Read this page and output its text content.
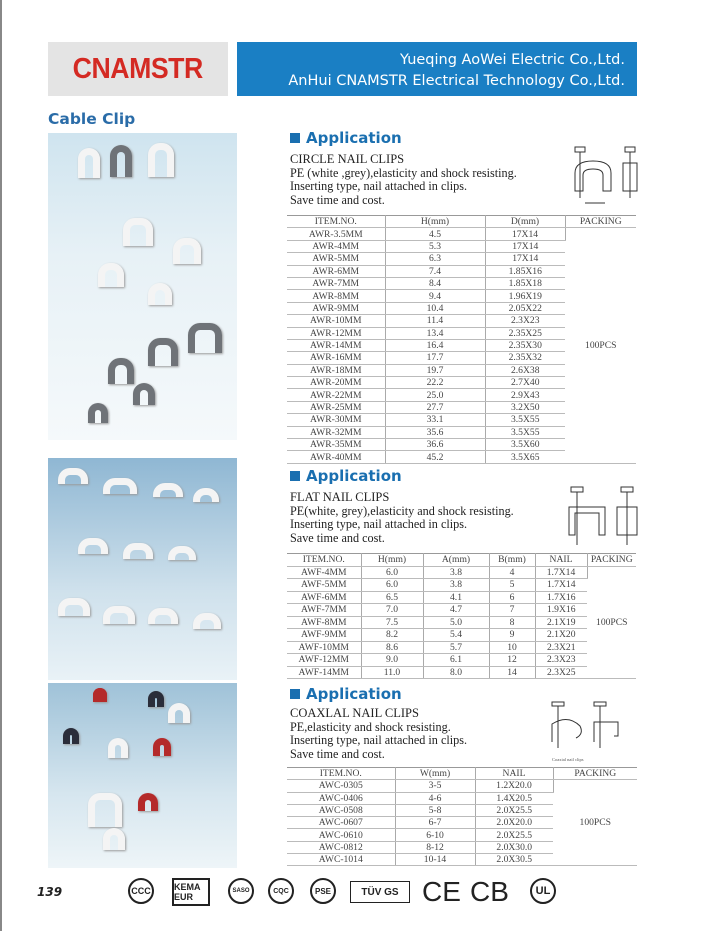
CNAMSTR	Yueqing AoWei Electric Co.,Ltd.
AnHui CNAMSTR Electrical Technology Co.,Ltd.
Cable Clip
Application
CIRCLE NAIL CLIPS
PE (white ,grey),elasticity and shock resisting.
Inserting type, nail attached in clips.
Save time and cost.
ITEM.NO.	H(mm)	D(mm)	PACKING
AWR-3.5MM	4.5	17X14	100PCS
AWR-4MM	5.3	17X14	
AWR-5MM	6.3	17X14	
AWR-6MM	7.4	1.85X16	
AWR-7MM	8.4	1.85X18	
AWR-8MM	9.4	1.96X19	
AWR-9MM	10.4	2.05X22	
AWR-10MM	11.4	2.3X23	
AWR-12MM	13.4	2.35X25	
AWR-14MM	16.4	2.35X30	
AWR-16MM	17.7	2.35X32	
AWR-18MM	19.7	2.6X38	
AWR-20MM	22.2	2.7X40	
AWR-22MM	25.0	2.9X43	
AWR-25MM	27.7	3.2X50	
AWR-30MM	33.1	3.5X55	
AWR-32MM	35.6	3.5X55	
AWR-35MM	36.6	3.5X60	
AWR-40MM	45.2	3.5X65	
Application
FLAT NAIL CLIPS
PE(white, grey),elasticity and shock resisting.
Inserting type, nail attached in clips.
Save time and cost.
ITEM.NO.	H(mm)	A(mm)	B(mm)	NAIL	PACKING
AWF-4MM	6.0	3.8	4	1.7X14	100PCS
AWF-5MM	6.0	3.8	5	1.7X14	
AWF-6MM	6.5	4.1	6	1.7X16	
AWF-7MM	7.0	4.7	7	1.9X16	
AWF-8MM	7.5	5.0	8	2.1X19	
AWF-9MM	8.2	5.4	9	2.1X20	
AWF-10MM	8.6	5.7	10	2.3X21	
AWF-12MM	9.0	6.1	12	2.3X23	
AWF-14MM	11.0	8.0	14	2.3X25	
Application
COAXLAL NAIL CLIPS
PE,elasticity and shock resisting.
Inserting type, nail attached in clips.
Save time and cost.	Coaxial nail clips
ITEM.NO.	W(mm)	NAIL	PACKING
AWC-0305	3-5	1.2X20.0	100PCS
AWC-0406	4-6	1.4X20.5	
AWC-0508	5-8	2.0X25.5	
AWC-0607	6-7	2.0X20.0	
AWC-0610	6-10	2.0X25.5	
AWC-0812	8-12	2.0X30.0	
AWC-1014	10-14	2.0X30.5	
139	CCC	KEMA EUR
SASO	CQC	PSE	TÜV GS CE CB	UL
